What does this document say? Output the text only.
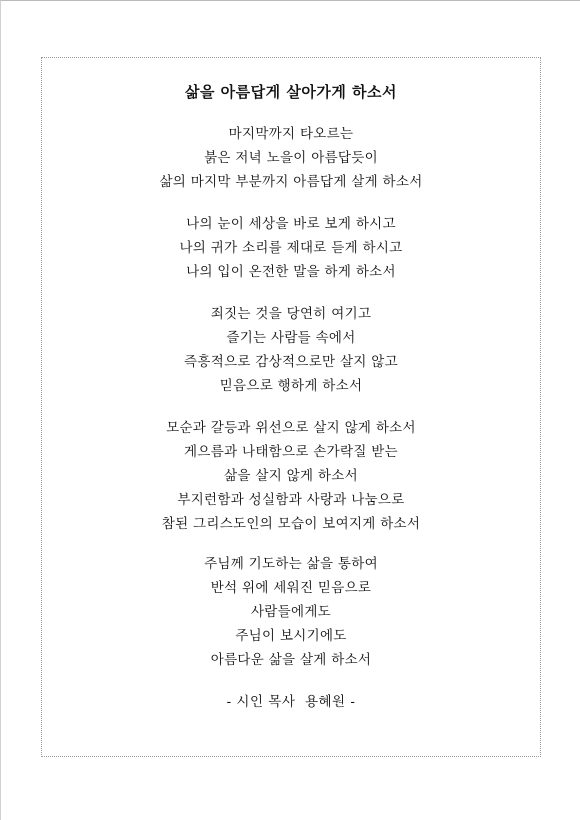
삶을 아름답게 살아가게 하소서
마지막까지 타오르는
붉은 저녁 노을이 아름답듯이
삶의 마지막 부분까지 아름답게 살게 하소서
나의 눈이 세상을 바로 보게 하시고
나의 귀가 소리를 제대로 듣게 하시고
나의 입이 온전한 말을 하게 하소서
죄짓는 것을 당연히 여기고
즐기는 사람들 속에서
즉흥적으로 감상적으로만 살지 않고
믿음으로 행하게 하소서
모순과 갈등과 위선으로 살지 않게 하소서
게으름과 나태함으로 손가락질 받는
삶을 살지 않게 하소서
부지런함과 성실함과 사랑과 나눔으로
참된 그리스도인의 모습이 보여지게 하소서
주님께 기도하는 삶을 통하여
반석 위에 세워진 믿음으로
사람들에게도
주님이 보시기에도
아름다운 삶을 살게 하소서
- 시인 목사  용혜원 -
